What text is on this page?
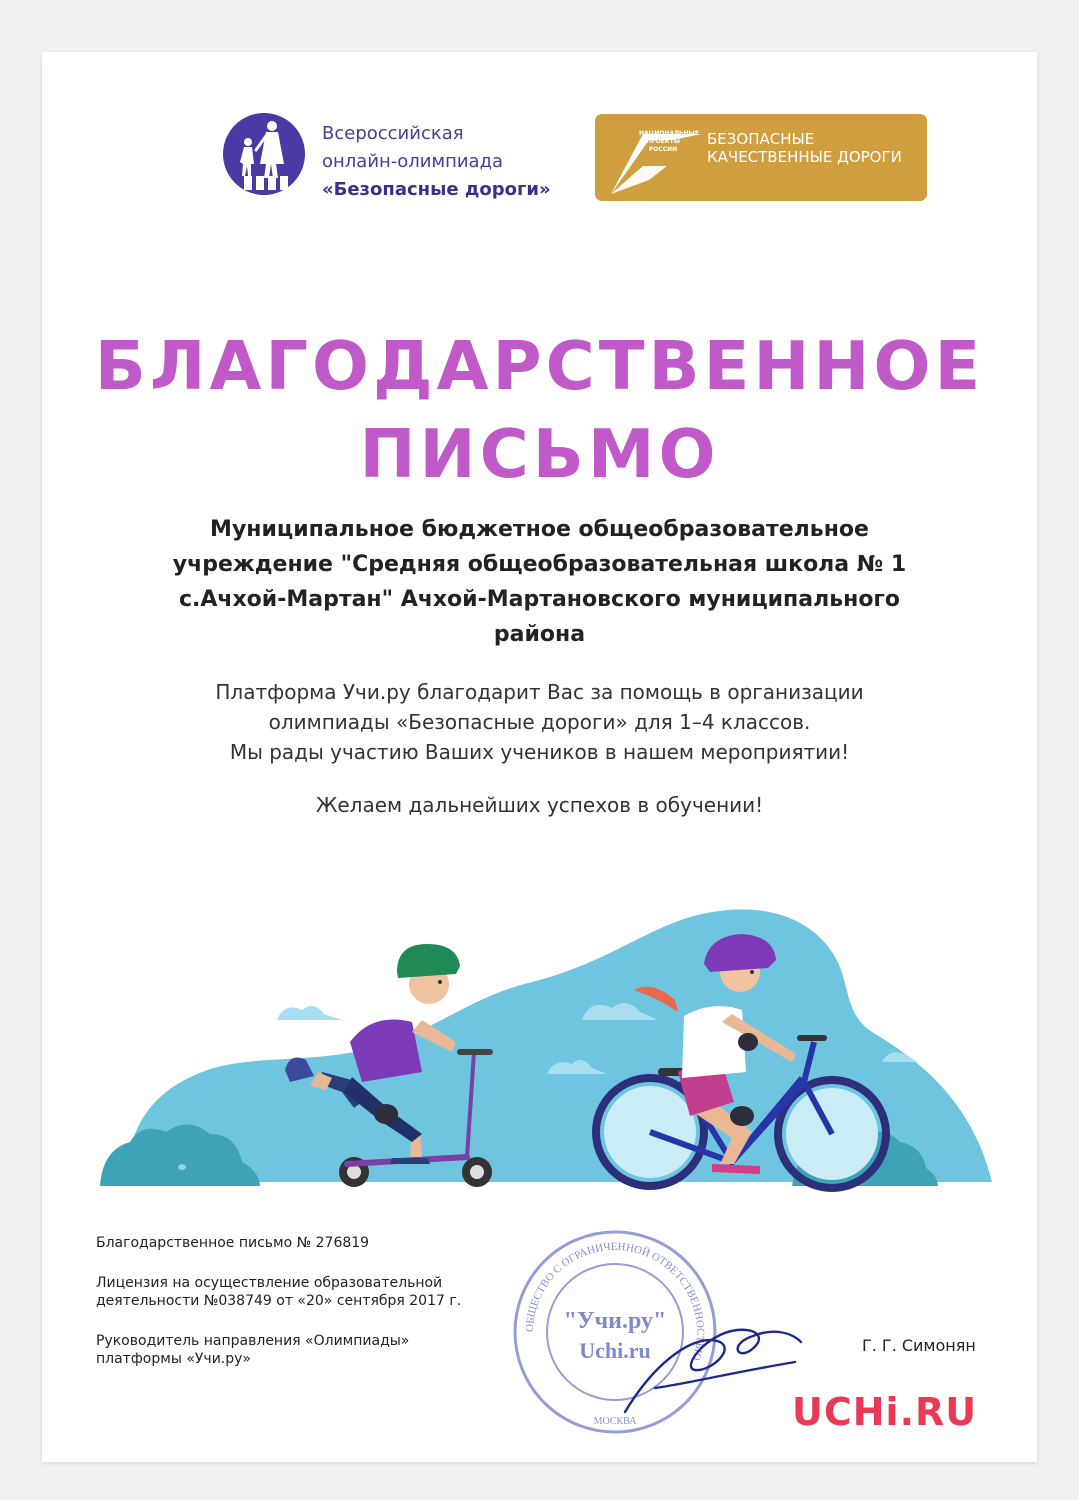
Всероссийская
онлайн-олимпиада
«Безопасные дороги»
НАЦИОНАЛЬНЫЕ
ПРОЕКТЫ
РОССИИ
БЕЗОПАСНЫЕ
КАЧЕСТВЕННЫЕ ДОРОГИ
БЛАГОДАРСТВЕННОЕ
ПИСЬМО
Муниципальное бюджетное общеобразовательное учреждение "Средняя общеобразовательная школа № 1 с.Ачхой-Мартан" Ачхой-Мартановского муниципального района

Платформа Учи.ру благодарит Вас за помощь в организации

олимпиады «Безопасные дороги» для 1–4 классов.

Мы рады участию Ваших учеников в нашем мероприятии!

Желаем дальнейших успехов в обучении!
Благодарственное письмо № 276819
Лицензия на осуществление образовательной
деятельности №038749 от «20» сентября 2017 г.
Руководитель направления «Олимпиады»
платформы «Учи.ру»
ОБЩЕСТВО С ОГРАНИЧЕННОЙ ОТВЕТСТВЕННОСТЬЮ
"Учи.ру"
Uchi.ru
МОСКВА
Г. Г. Симонян
UCHi.RU
